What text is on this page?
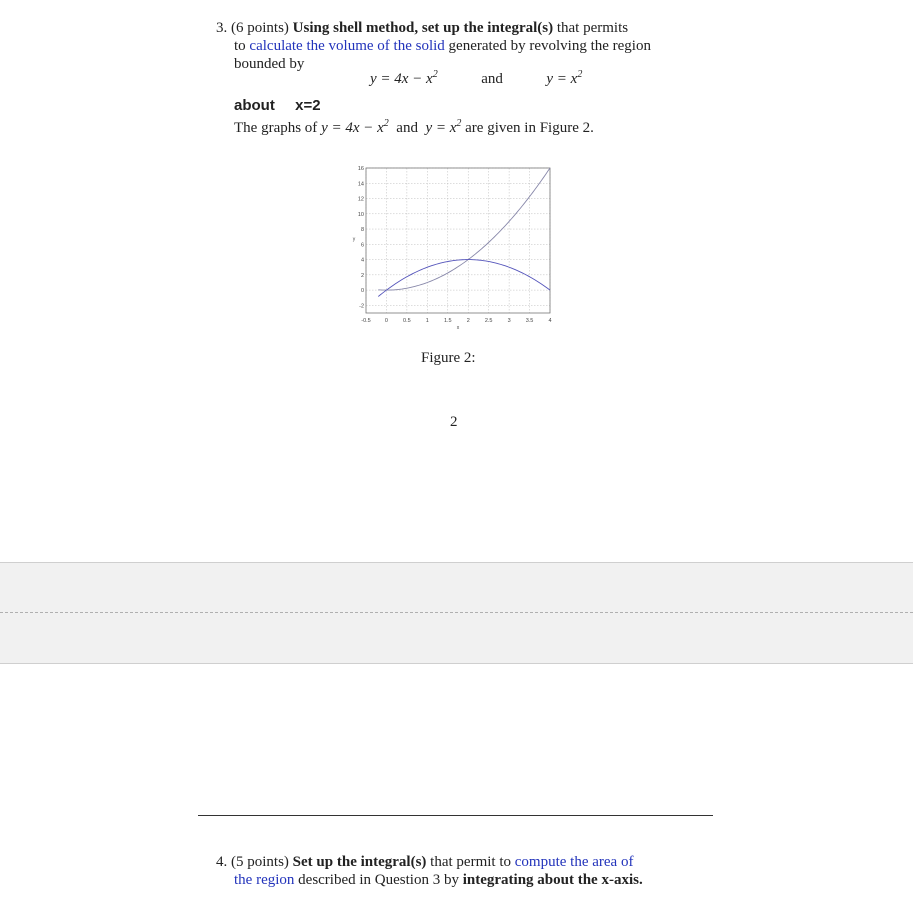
3. (6 points) Using shell method, set up the integral(s) that permits
to calculate the volume of the solid generated by revolving the region
bounded by
$y = 4x - x^2$	and	$y = x^2$
about x=2
The graphs of $y = 4x - x^2$ and $y = x^2$ are given in Figure 2.
-0.5	0	0.5	1	1.5	2	2.5	3	3.5	4
16
14
12
10
8
6
4
2
0
-2
x
y
Figure 2:
2
4. (5 points) Set up the integral(s) that permit to compute the area of
the region described in Question 3 by integrating about the x-axis.
